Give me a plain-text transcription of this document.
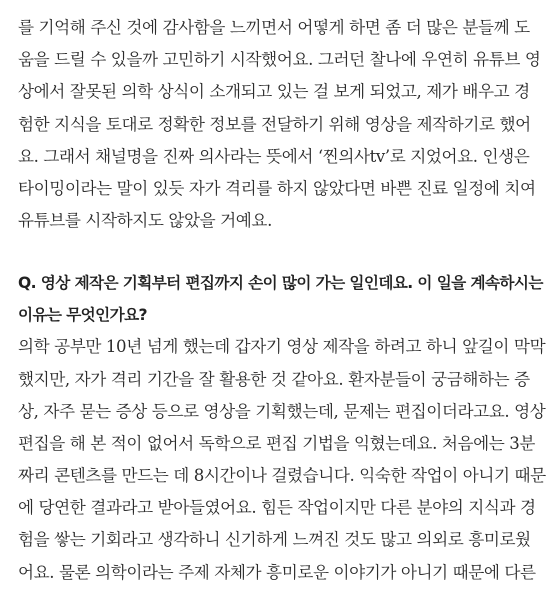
를 기억해 주신 것에 감사함을 느끼면서 어떻게 하면 좀 더 많은 분들께 도
움을 드릴 수 있을까 고민하기 시작했어요. 그러던 찰나에 우연히 유튜브 영
상에서 잘못된 의학 상식이 소개되고 있는 걸 보게 되었고, 제가 배우고 경
험한 지식을 토대로 정확한 정보를 전달하기 위해 영상을 제작하기로 했어
요. 그래서 채널명을 진짜 의사라는 뜻에서 ‘찐의사tv’로 지었어요. 인생은
타이밍이라는 말이 있듯 자가 격리를 하지 않았다면 바쁜 진료 일정에 치여
유튜브를 시작하지도 않았을 거예요.
Q. 영상 제작은 기획부터 편집까지 손이 많이 가는 일인데요. 이 일을 계속하시는
이유는 무엇인가요?
의학 공부만 10년 넘게 했는데 갑자기 영상 제작을 하려고 하니 앞길이 막막
했지만, 자가 격리 기간을 잘 활용한 것 같아요. 환자분들이 궁금해하는 증
상, 자주 묻는 증상 등으로 영상을 기획했는데, 문제는 편집이더라고요. 영상
편집을 해 본 적이 없어서 독학으로 편집 기법을 익혔는데요. 처음에는 3분
짜리 콘텐츠를 만드는 데 8시간이나 걸렸습니다. 익숙한 작업이 아니기 때문
에 당연한 결과라고 받아들였어요. 힘든 작업이지만 다른 분야의 지식과 경
험을 쌓는 기회라고 생각하니 신기하게 느껴진 것도 많고 의외로 흥미로웠
어요. 물론 의학이라는 주제 자체가 흥미로운 이야기가 아니기 때문에 다른
